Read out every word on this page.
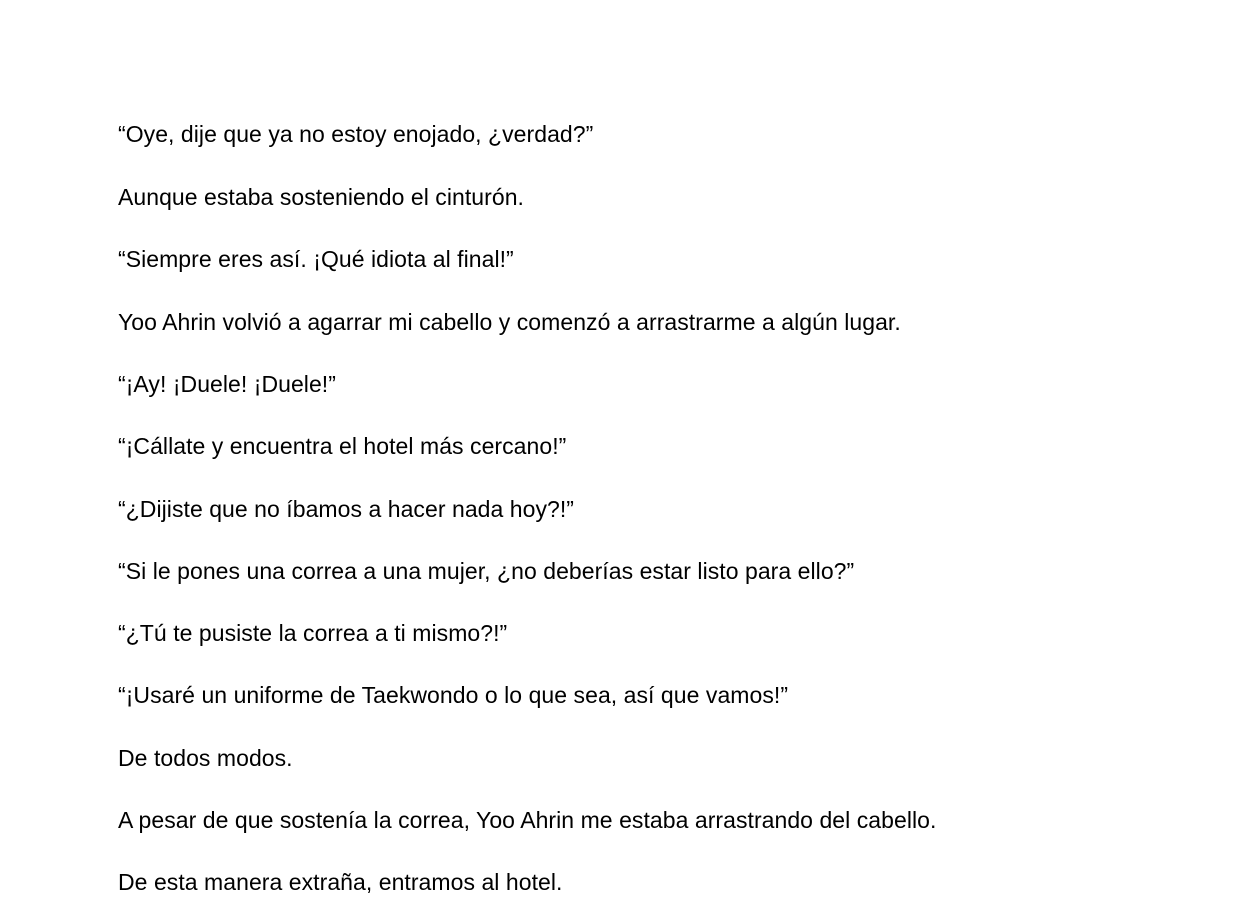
“Oye, dije que ya no estoy enojado, ¿verdad?”

Aunque estaba sosteniendo el cinturón.

“Siempre eres así. ¡Qué idiota al final!”

Yoo Ahrin volvió a agarrar mi cabello y comenzó a arrastrarme a algún lugar.

“¡Ay! ¡Duele! ¡Duele!”

“¡Cállate y encuentra el hotel más cercano!”

“¿Dijiste que no íbamos a hacer nada hoy?!”

“Si le pones una correa a una mujer, ¿no deberías estar listo para ello?”

“¿Tú te pusiste la correa a ti mismo?!”

“¡Usaré un uniforme de Taekwondo o lo que sea, así que vamos!”

De todos modos.

A pesar de que sostenía la correa, Yoo Ahrin me estaba arrastrando del cabello.

De esta manera extraña, entramos al hotel.
